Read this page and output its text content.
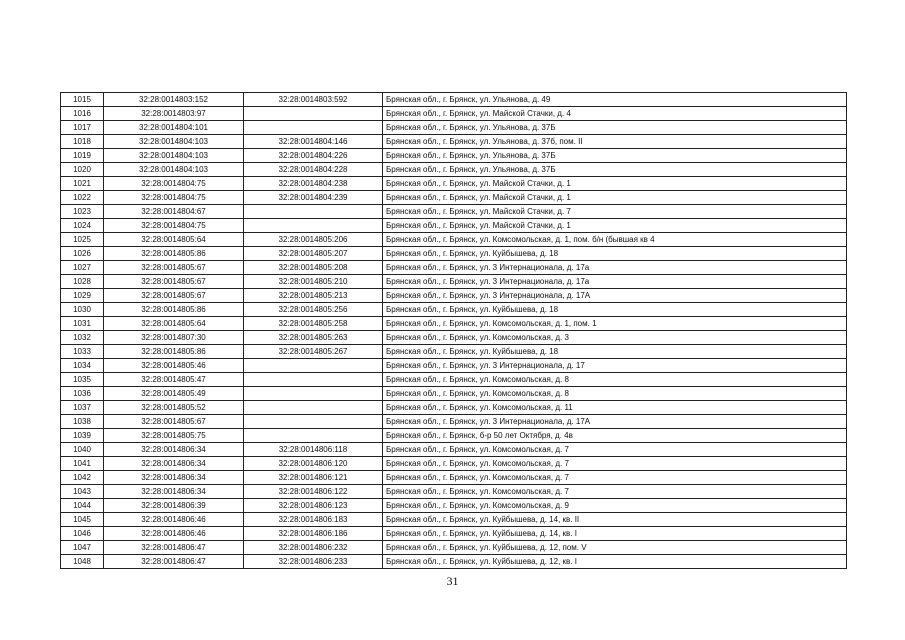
1015	32:28:0014803:152	32:28:0014803:592	Брянская обл., г. Брянск, ул. Ульянова, д. 49
1016	32:28:0014803:97		Брянская обл., г. Брянск, ул. Майской Стачки, д. 4
1017	32:28:0014804:101		Брянская обл., г. Брянск, ул. Ульянова, д. 37Б
1018	32:28:0014804:103	32:28:0014804:146	Брянская обл., г. Брянск, ул. Ульянова, д. 37б, пом. II
1019	32:28:0014804:103	32:28:0014804:226	Брянская обл., г. Брянск, ул. Ульянова, д. 37Б
1020	32:28:0014804:103	32:28:0014804:228	Брянская обл., г. Брянск, ул. Ульянова, д. 37Б
1021	32:28:0014804:75	32:28:0014804:238	Брянская обл., г. Брянск, ул. Майской Стачки, д. 1
1022	32:28:0014804:75	32:28:0014804:239	Брянская обл., г. Брянск, ул. Майской Стачки, д. 1
1023	32:28:0014804:67		Брянская обл., г. Брянск, ул. Майской Стачки, д. 7
1024	32:28:0014804:75		Брянская обл., г. Брянск, ул. Майской Стачки, д. 1
1025	32:28:0014805:64	32:28:0014805:206	Брянская обл., г. Брянск, ул. Комсомольская, д. 1, пом. б/н (бывшая кв 4
1026	32:28:0014805:86	32:28:0014805:207	Брянская обл., г. Брянск, ул. Куйбышева, д. 18
1027	32:28:0014805:67	32:28:0014805:208	Брянская обл., г. Брянск, ул. 3 Интернационала, д. 17а
1028	32:28:0014805:67	32:28:0014805:210	Брянская обл., г. Брянск, ул. 3 Интернационала, д. 17а
1029	32:28:0014805:67	32:28:0014805:213	Брянская обл., г. Брянск, ул. 3 Интернационала, д. 17А
1030	32:28:0014805:86	32:28:0014805:256	Брянская обл., г. Брянск, ул. Куйбышева, д. 18
1031	32:28:0014805:64	32:28:0014805:258	Брянская обл., г. Брянск, ул. Комсомольская, д. 1, пом. 1
1032	32:28:0014807:30	32:28:0014805:263	Брянская обл., г. Брянск, ул. Комсомольская, д. 3
1033	32:28:0014805:86	32:28:0014805:267	Брянская обл., г. Брянск, ул. Куйбышева, д. 18
1034	32:28:0014805:46		Брянская обл., г. Брянск, ул. 3 Интернационала, д. 17
1035	32:28:0014805:47		Брянская обл., г. Брянск, ул. Комсомольская, д. 8
1036	32:28:0014805:49		Брянская обл., г. Брянск, ул. Комсомольская, д. 8
1037	32:28:0014805:52		Брянская обл., г. Брянск, ул. Комсомольская, д. 11
1038	32:28:0014805:67		Брянская обл., г. Брянск, ул. 3 Интернационала, д. 17А
1039	32:28:0014805:75		Брянская обл., г. Брянск, б-р 50 лет Октября, д. 4в
1040	32:28:0014806:34	32:28:0014806:118	Брянская обл., г. Брянск, ул. Комсомольская, д. 7
1041	32:28:0014806:34	32:28:0014806:120	Брянская обл., г. Брянск, ул. Комсомольская, д. 7
1042	32:28:0014806:34	32:28:0014806:121	Брянская обл., г. Брянск, ул. Комсомольская, д. 7
1043	32:28:0014806:34	32:28:0014806:122	Брянская обл., г. Брянск, ул. Комсомольская, д. 7
1044	32:28:0014806:39	32:28:0014806:123	Брянская обл., г. Брянск, ул. Комсомольская, д. 9
1045	32:28:0014806:46	32:28:0014806:183	Брянская обл., г. Брянск, ул. Куйбышева, д. 14, кв. II
1046	32:28:0014806:46	32:28:0014806:186	Брянская обл., г. Брянск, ул. Куйбышева, д. 14, кв. I
1047	32:28:0014806:47	32:28:0014806:232	Брянская обл., г. Брянск, ул. Куйбышева, д. 12, пом. V
1048	32:28:0014806:47	32:28:0014806:233	Брянская обл., г. Брянск, ул. Куйбышева, д. 12, кв. I
31
